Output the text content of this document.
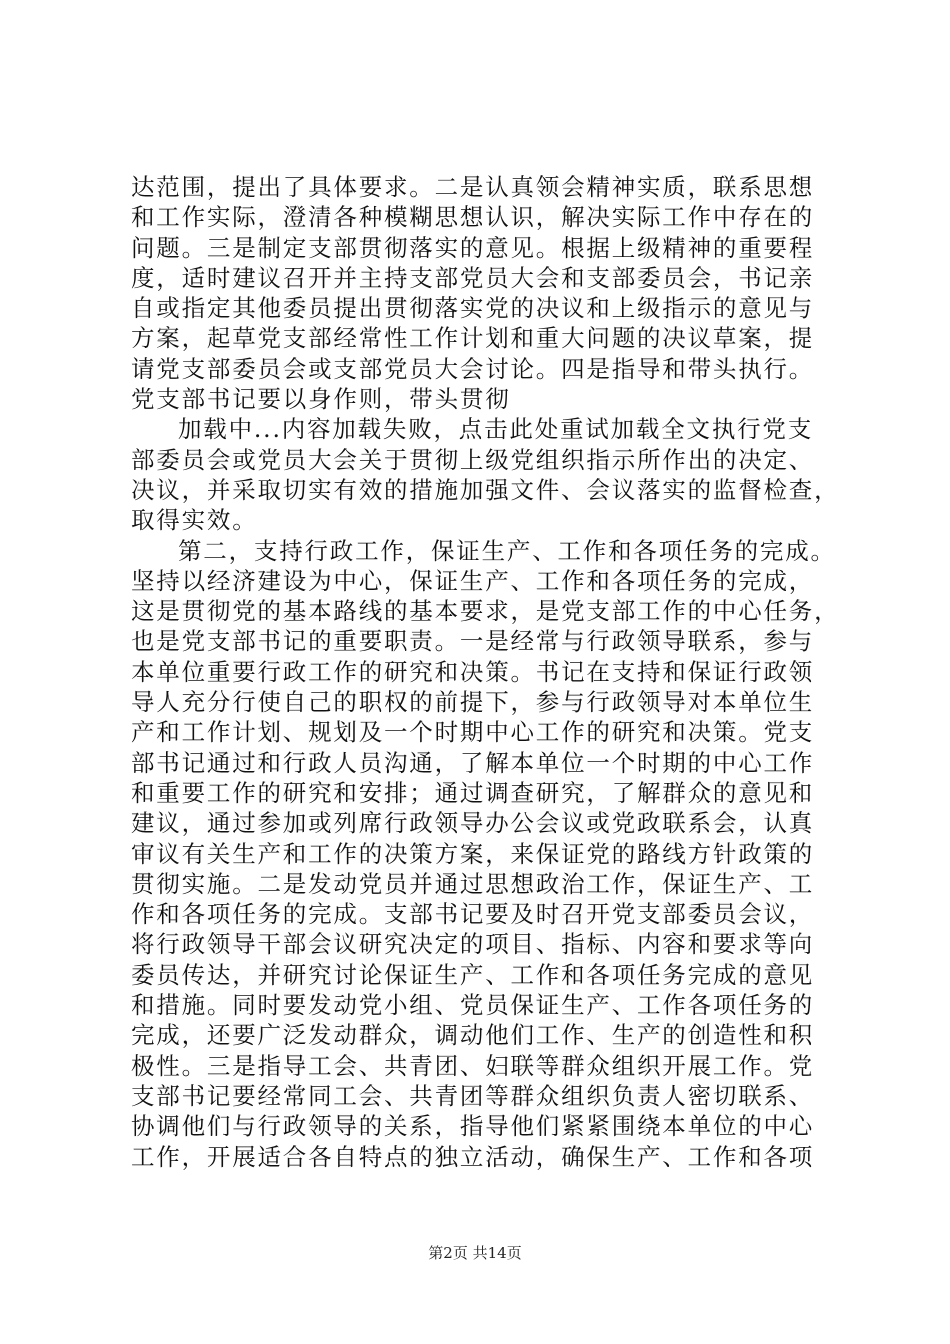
达范围，提出了具体要求。二是认真领会精神实质，联系思想
和工作实际，澄清各种模糊思想认识，解决实际工作中存在的
问题。三是制定支部贯彻落实的意见。根据上级精神的重要程
度，适时建议召开并主持支部党员大会和支部委员会，书记亲
自或指定其他委员提出贯彻落实党的决议和上级指示的意见与
方案，起草党支部经常性工作计划和重大问题的决议草案，提
请党支部委员会或支部党员大会讨论。四是指导和带头执行。
党支部书记要以身作则，带头贯彻
加载中...内容加载失败，点击此处重试加载全文执行党支
部委员会或党员大会关于贯彻上级党组织指示所作出的决定、
决议，并采取切实有效的措施加强文件、会议落实的监督检查，
取得实效。
第二，支持行政工作，保证生产、工作和各项任务的完成。
坚持以经济建设为中心，保证生产、工作和各项任务的完成，
这是贯彻党的基本路线的基本要求，是党支部工作的中心任务，
也是党支部书记的重要职责。一是经常与行政领导联系，参与
本单位重要行政工作的研究和决策。书记在支持和保证行政领
导人充分行使自己的职权的前提下，参与行政领导对本单位生
产和工作计划、规划及一个时期中心工作的研究和决策。党支
部书记通过和行政人员沟通，了解本单位一个时期的中心工作
和重要工作的研究和安排；通过调查研究，了解群众的意见和
建议，通过参加或列席行政领导办公会议或党政联系会，认真
审议有关生产和工作的决策方案，来保证党的路线方针政策的
贯彻实施。二是发动党员并通过思想政治工作，保证生产、工
作和各项任务的完成。支部书记要及时召开党支部委员会议，
将行政领导干部会议研究决定的项目、指标、内容和要求等向
委员传达，并研究讨论保证生产、工作和各项任务完成的意见
和措施。同时要发动党小组、党员保证生产、工作各项任务的
完成，还要广泛发动群众，调动他们工作、生产的创造性和积
极性。三是指导工会、共青团、妇联等群众组织开展工作。党
支部书记要经常同工会、共青团等群众组织负责人密切联系、
协调他们与行政领导的关系，指导他们紧紧围绕本单位的中心
工作，开展适合各自特点的独立活动，确保生产、工作和各项
第2页 共14页
